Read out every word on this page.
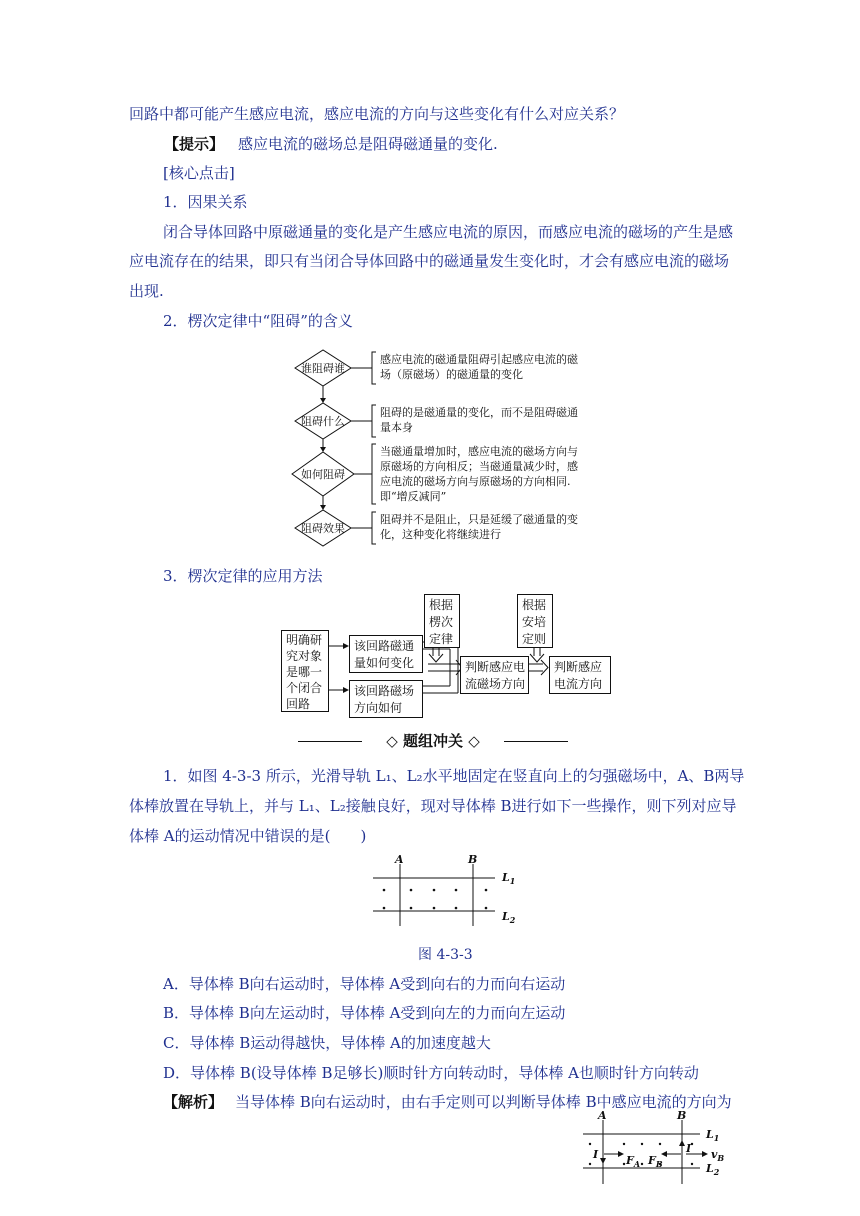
回路中都可能产生感应电流，感应电流的方向与这些变化有什么对应关系？
【提示】 感应电流的磁场总是阻碍磁通量的变化.
[核心点击]
1．因果关系
闭合导体回路中原磁通量的变化是产生感应电流的原因，而感应电流的磁场的产生是感
应电流存在的结果，即只有当闭合导体回路中的磁通量发生变化时，才会有感应电流的磁场
出现.
2．楞次定律中“阻碍”的含义
谁阻碍谁
阻碍什么
如何阻碍
阻碍效果
感应电流的磁通量阻碍引起感应电流的磁
场（原磁场）的磁通量的变化
阻碍的是磁通量的变化，而不是阻碍磁通
量本身
当磁通量增加时，感应电流的磁场方向与
原磁场的方向相反；当磁通量减少时，感
应电流的磁场方向与原磁场的方向相同.
即“增反减同”
阻碍并不是阻止，只是延缓了磁通量的变
化，这种变化将继续进行
3．楞次定律的应用方法
明确研
究对象
是哪一
个闭合
回路
该回路磁通
量如何变化
该回路磁场
方向如何
根据
楞次
定律
判断感应电
流磁场方向
根据
安培
定则
判断感应
电流方向
◇ 题组冲关 ◇
1．如图 4-3-3 所示，光滑导轨 L₁、L₂水平地固定在竖直向上的匀强磁场中，A、B两导
体棒放置在导轨上，并与 L₁、L₂接触良好，现对导体棒 B进行如下一些操作，则下列对应导
体棒 A的运动情况中错误的是(　　)
A	B
$L_1$
$L_2$
图 4-3-3
A．导体棒 B向右运动时，导体棒 A受到向右的力而向右运动
B．导体棒 B向左运动时，导体棒 A受到向左的力而向左运动
C．导体棒 B运动得越快，导体棒 A的加速度越大
D．导体棒 B(设导体棒 B足够长)顺时针方向转动时，导体棒 A也顺时针方向转动
【解析】 当导体棒 B向右运动时，由右手定则可以判断导体棒 B中感应电流的方向为
A	B
$L_1$
$L_2$
I	I
$F_A$ $F_B$
$v_B$
